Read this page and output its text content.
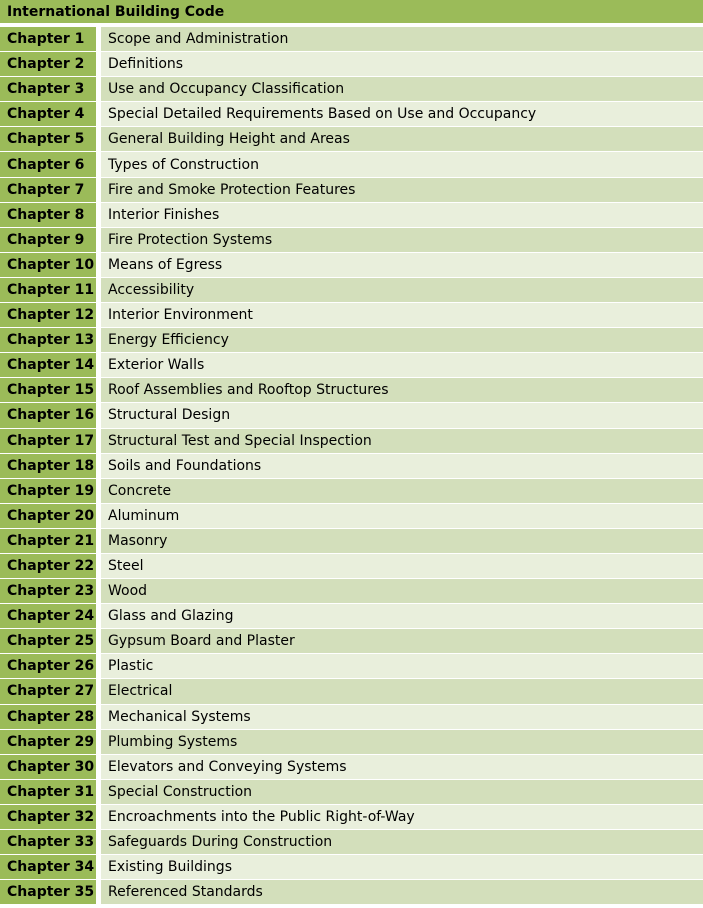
International Building Code
Chapter 1	Scope and Administration
Chapter 2	Definitions
Chapter 3	Use and Occupancy Classification
Chapter 4	Special Detailed Requirements Based on Use and Occupancy
Chapter 5	General Building Height and Areas
Chapter 6	Types of Construction
Chapter 7	Fire and Smoke Protection Features
Chapter 8	Interior Finishes
Chapter 9	Fire Protection Systems
Chapter 10 Means of Egress
Chapter 11 Accessibility
Chapter 12 Interior Environment
Chapter 13 Energy Efficiency
Chapter 14 Exterior Walls
Chapter 15 Roof Assemblies and Rooftop Structures
Chapter 16 Structural Design
Chapter 17 Structural Test and Special Inspection
Chapter 18 Soils and Foundations
Chapter 19 Concrete
Chapter 20 Aluminum
Chapter 21 Masonry
Chapter 22 Steel
Chapter 23 Wood
Chapter 24 Glass and Glazing
Chapter 25 Gypsum Board and Plaster
Chapter 26 Plastic
Chapter 27 Electrical
Chapter 28 Mechanical Systems
Chapter 29 Plumbing Systems
Chapter 30 Elevators and Conveying Systems
Chapter 31 Special Construction
Chapter 32 Encroachments into the Public Right-of-Way
Chapter 33 Safeguards During Construction
Chapter 34 Existing Buildings
Chapter 35 Referenced Standards
